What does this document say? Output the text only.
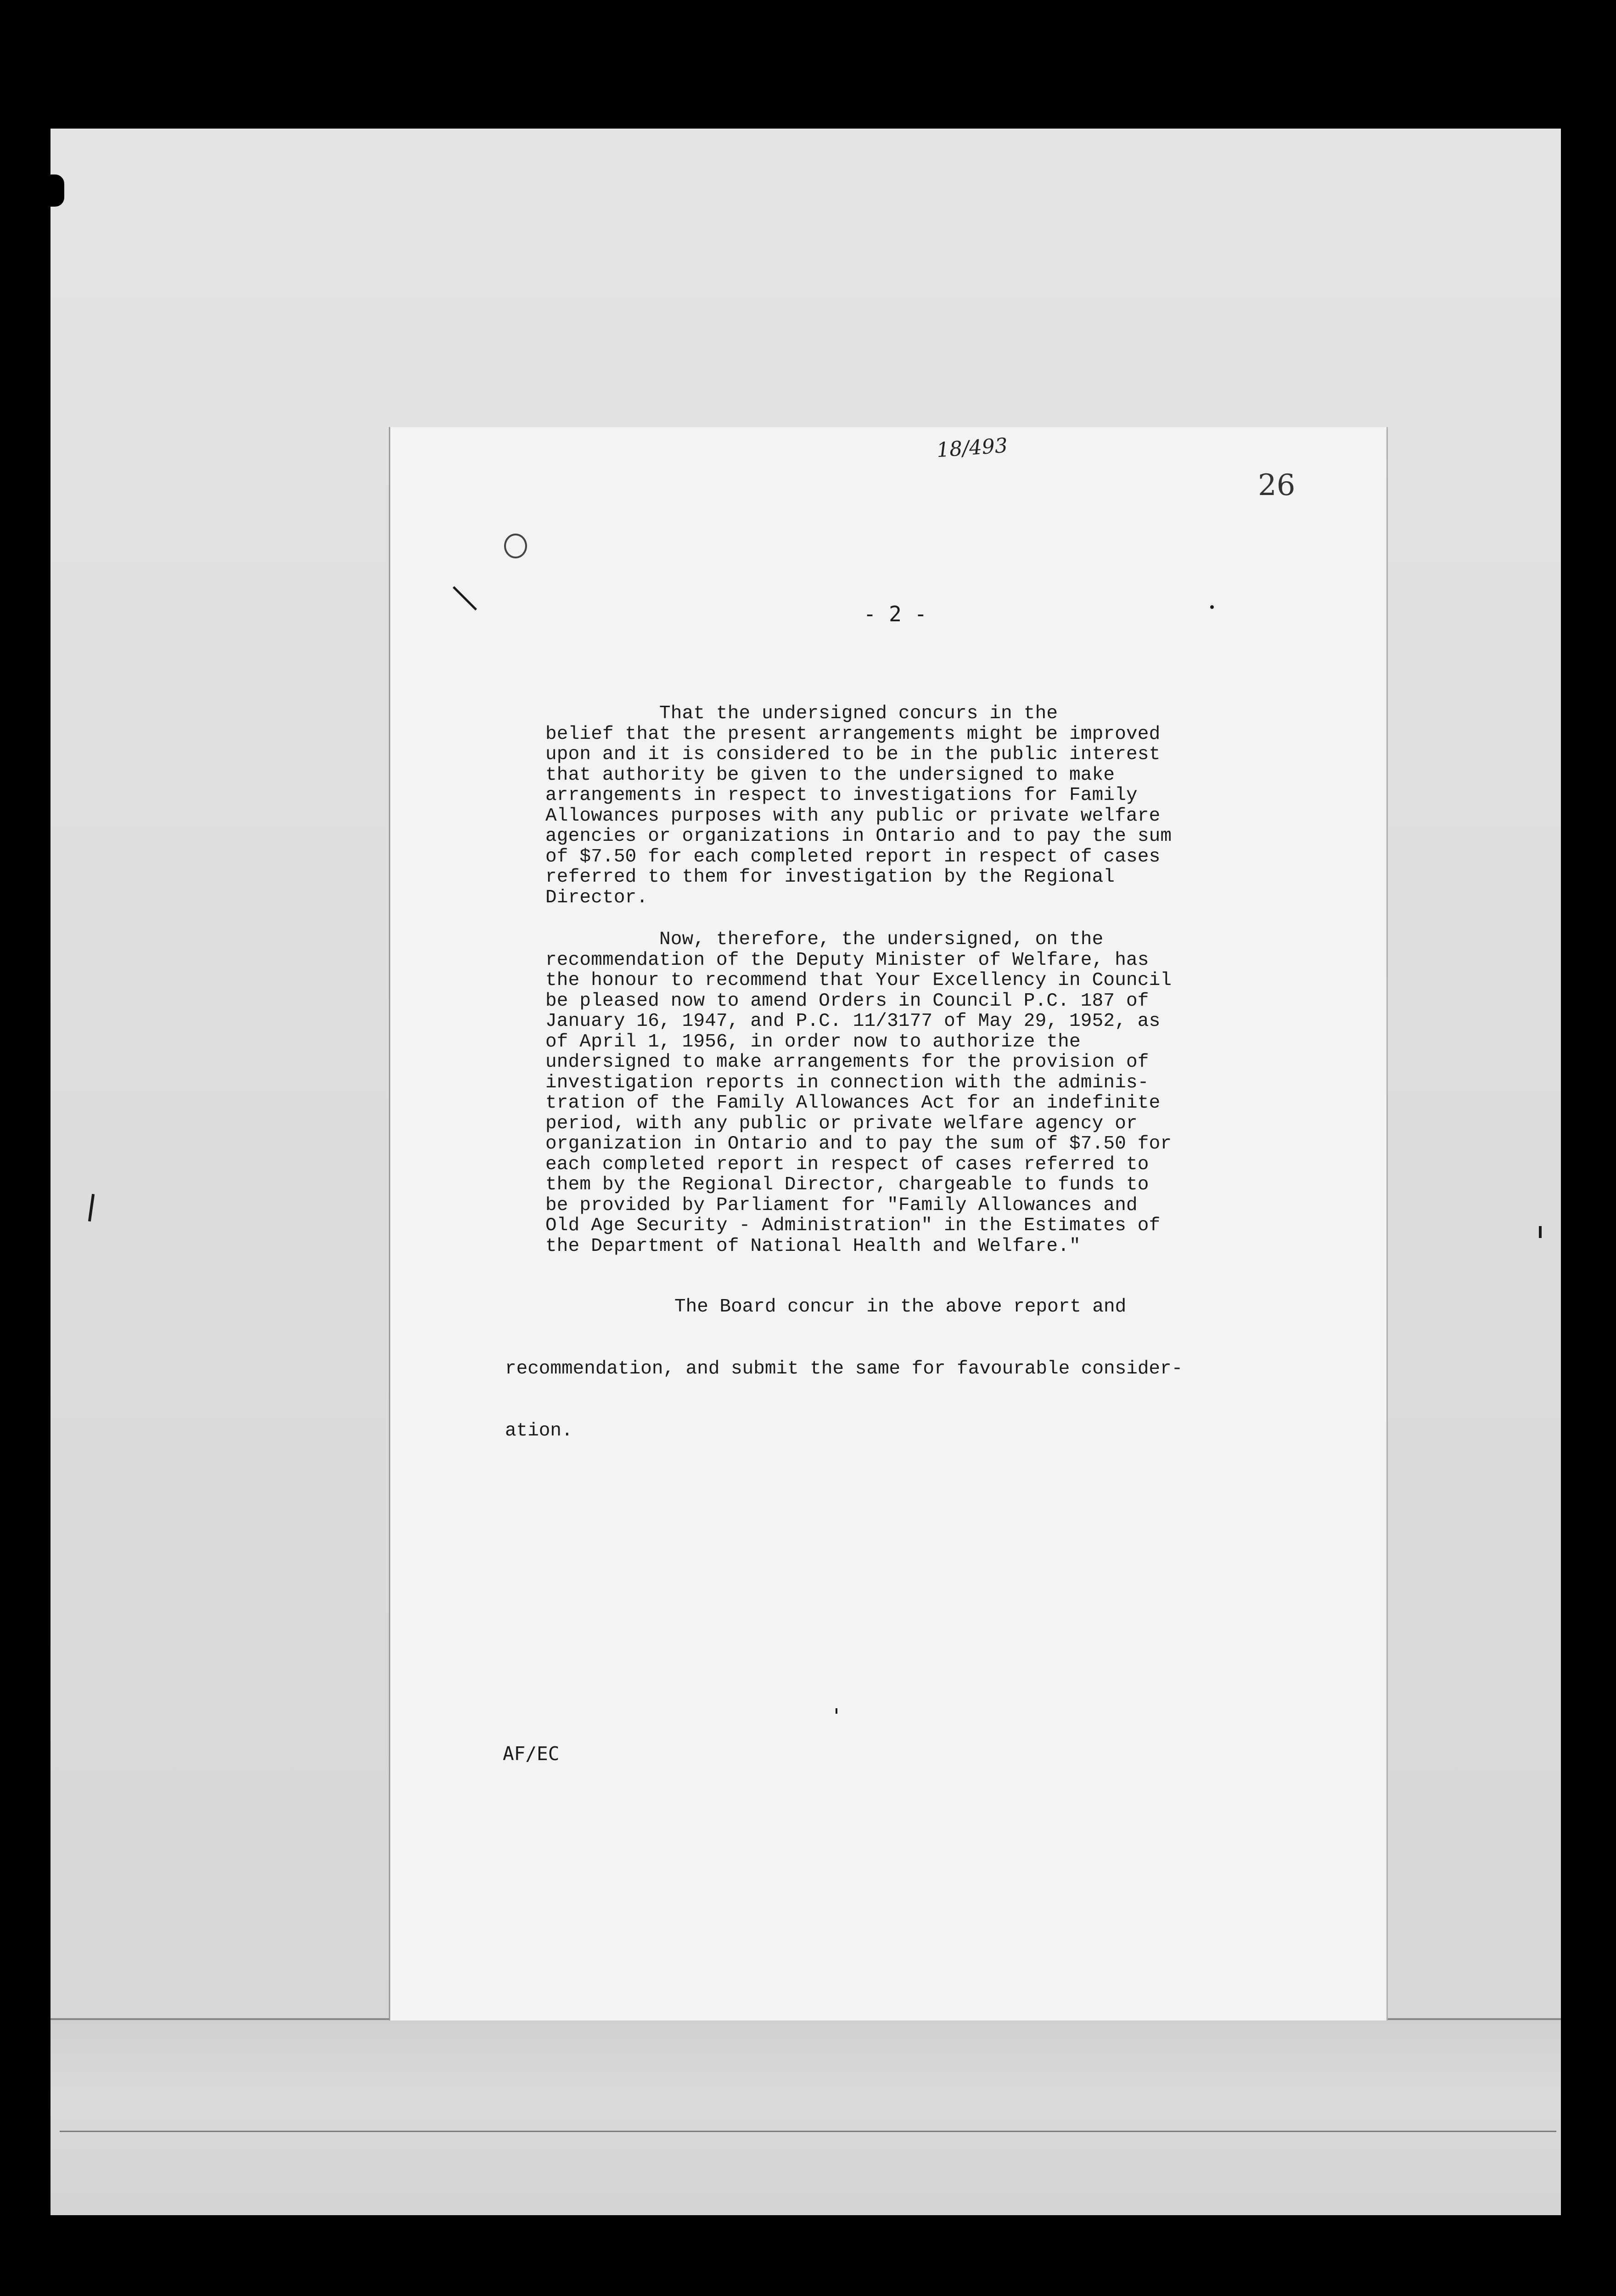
18/493
26
- 2 -
That the undersigned concurs in the
belief that the present arrangements might be improved
upon and it is considered to be in the public interest
that authority be given to the undersigned to make
arrangements in respect to investigations for Family
Allowances purposes with any public or private welfare
agencies or organizations in Ontario and to pay the sum
of $7.50 for each completed report in respect of cases
referred to them for investigation by the Regional
Director.
Now, therefore, the undersigned, on the
recommendation of the Deputy Minister of Welfare, has
the honour to recommend that Your Excellency in Council
be pleased now to amend Orders in Council P.C. 187 of
January 16, 1947, and P.C. 11/3177 of May 29, 1952, as
of April 1, 1956, in order now to authorize the
undersigned to make arrangements for the provision of
investigation reports in connection with the adminis-
tration of the Family Allowances Act for an indefinite
period, with any public or private welfare agency or
organization in Ontario and to pay the sum of $7.50 for
each completed report in respect of cases referred to
them by the Regional Director, chargeable to funds to
be provided by Parliament for "Family Allowances and
Old Age Security - Administration" in the Estimates of
the Department of National Health and Welfare."
The Board concur in the above report and
recommendation, and submit the same for favourable consider-
ation.
AF/EC
